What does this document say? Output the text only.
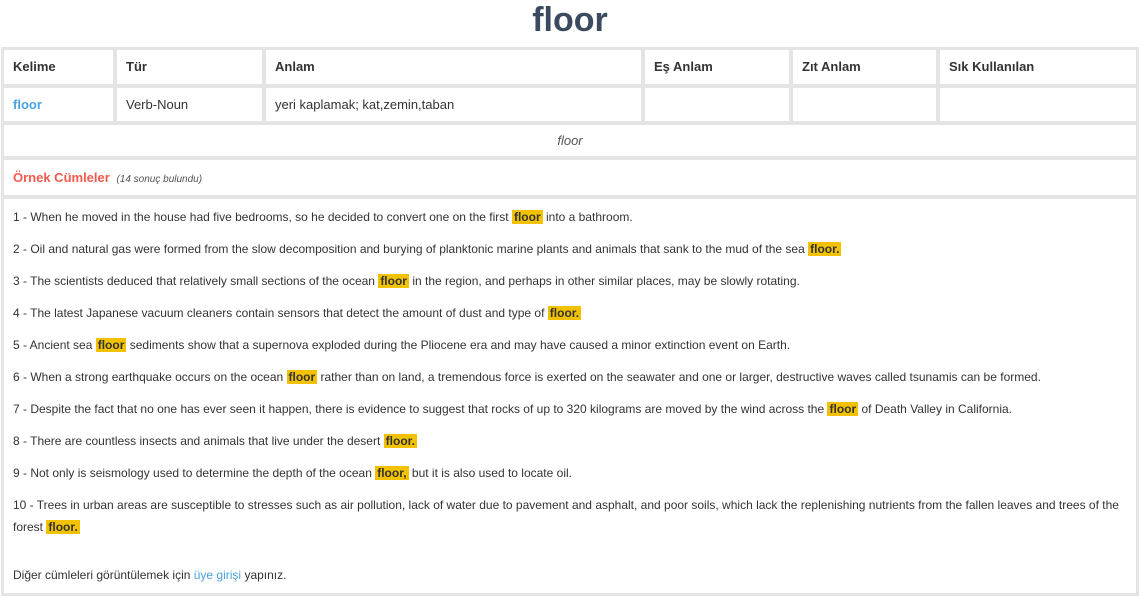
floor
Kelime	Tür	Anlam	Eş Anlam	Zıt Anlam	Sık Kullanılan
floor	Verb-Noun	yeri kaplamak; kat,zemin,taban
floor
Örnek Cümleler (14 sonuç bulundu)
1 - When he moved in the house had five bedrooms, so he decided to convert one on the first floor into a bathroom.
2 - Oil and natural gas were formed from the slow decomposition and burying of planktonic marine plants and animals that sank to the mud of the sea floor.
3 - The scientists deduced that relatively small sections of the ocean floor in the region, and perhaps in other similar places, may be slowly rotating.
4 - The latest Japanese vacuum cleaners contain sensors that detect the amount of dust and type of floor.
5 - Ancient sea floor sediments show that a supernova exploded during the Pliocene era and may have caused a minor extinction event on Earth.
6 - When a strong earthquake occurs on the ocean floor rather than on land, a tremendous force is exerted on the seawater and one or larger, destructive waves called tsunamis can be formed.
7 - Despite the fact that no one has ever seen it happen, there is evidence to suggest that rocks of up to 320 kilograms are moved by the wind across the floor of Death Valley in California.
8 - There are countless insects and animals that live under the desert floor.
9 - Not only is seismology used to determine the depth of the ocean floor, but it is also used to locate oil.
10 - Trees in urban areas are susceptible to stresses such as air pollution, lack of water due to pavement and asphalt, and poor soils, which lack the replenishing nutrients from the fallen leaves and trees of the forest floor.
Diğer cümleleri görüntülemek için üye girişi yapınız.
